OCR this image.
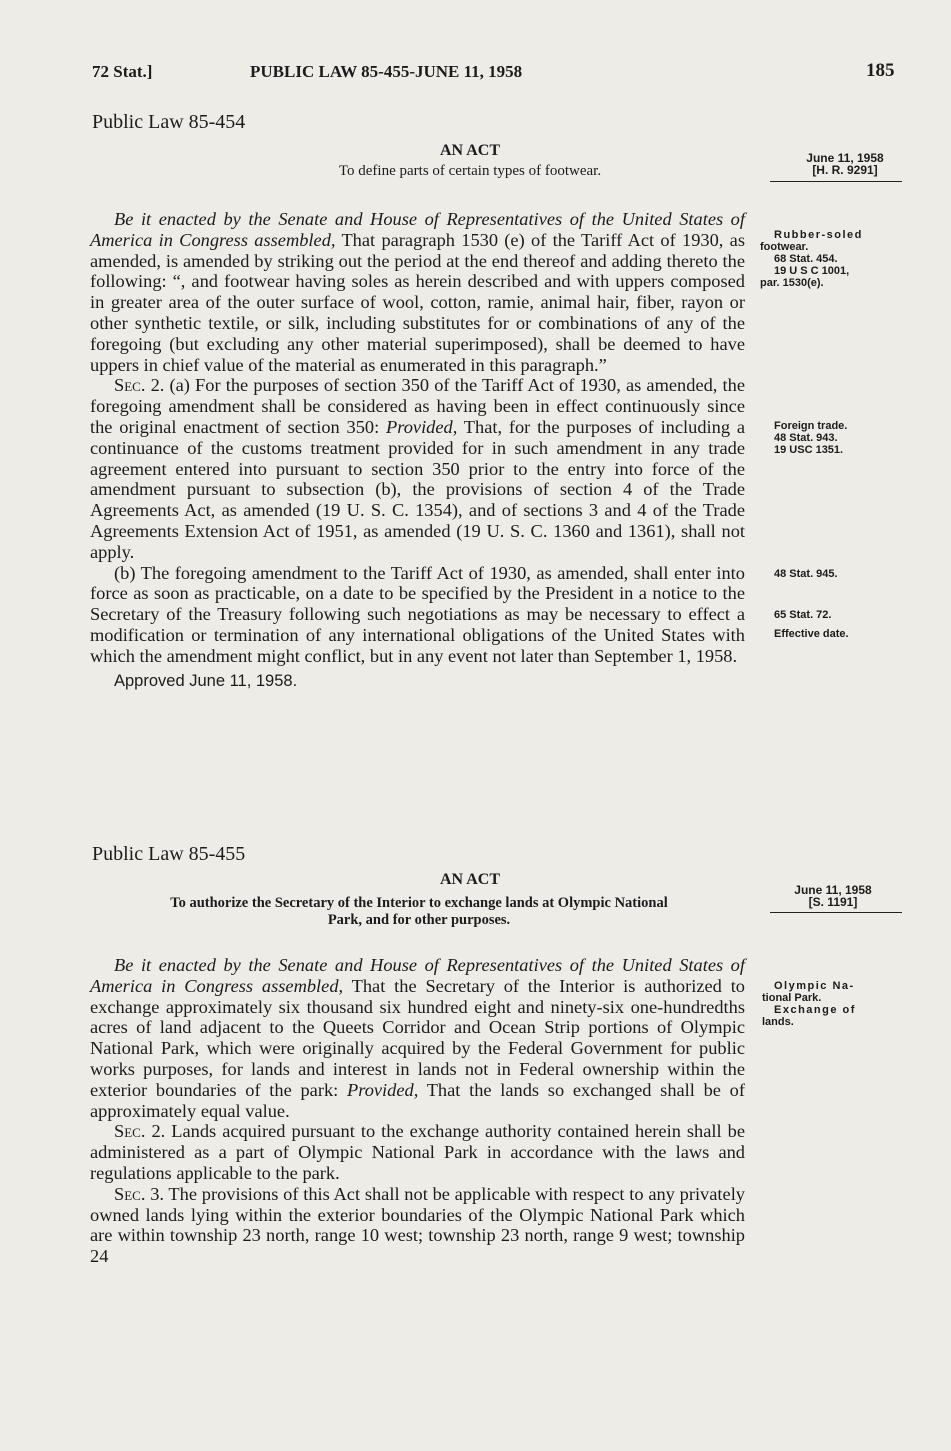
72 Stat.]	PUBLIC LAW 85-455-JUNE 11, 1958	185
Public Law 85-454
AN ACT
To define parts of certain types of footwear.
June 11, 1958
[H. R. 9291]

Be it enacted by the Senate and House of Representatives of the United States of America in Congress assembled, That paragraph 1530 (e) of the Tariff Act of 1930, as amended, is amended by striking out the period at the end thereof and adding thereto the following: “, and footwear having soles as herein described and with uppers composed in greater area of the outer surface of wool, cotton, ramie, animal hair, fiber, rayon or other synthetic textile, or silk, including substitutes for or combinations of any of the foregoing (but excluding any other material superimposed), shall be deemed to have uppers in chief value of the material as enumerated in this paragraph.”

Sec. 2. (a) For the purposes of section 350 of the Tariff Act of 1930, as amended, the foregoing amendment shall be considered as having been in effect continuously since the original enactment of section 350: Provided, That, for the purposes of including a continuance of the customs treatment provided for in such amendment in any trade agreement entered into pursuant to section 350 prior to the entry into force of the amendment pursuant to subsection (b), the provisions of section 4 of the Trade Agreements Act, as amended (19 U. S. C. 1354), and of sections 3 and 4 of the Trade Agreements Extension Act of 1951, as amended (19 U. S. C. 1360 and 1361), shall not apply.

(b) The foregoing amendment to the Tariff Act of 1930, as amended, shall enter into force as soon as practicable, on a date to be specified by the President in a notice to the Secretary of the Treasury following such negotiations as may be necessary to effect a modification or termination of any international obligations of the United States with which the amendment might conflict, but in any event not later than September 1, 1958.

Approved June 11, 1958.

Rubber-soled
footwear.
68 Stat. 454.
19 U S C 1001,
par. 1530(e).
Foreign trade.
48 Stat. 943.
19 USC 1351.
48 Stat. 945.
65 Stat. 72.
Effective date.
Public Law 85-455
AN ACT
To authorize the Secretary of the Interior to exchange lands at Olympic National
Park, and for other purposes.
June 11, 1958
[S. 1191]

Be it enacted by the Senate and House of Representatives of the United States of America in Congress assembled, That the Secretary of the Interior is authorized to exchange approximately six thousand six hundred eight and ninety-six one-hundredths acres of land adjacent to the Queets Corridor and Ocean Strip portions of Olympic National Park, which were originally acquired by the Federal Government for public works purposes, for lands and interest in lands not in Federal ownership within the exterior boundaries of the park: Provided, That the lands so exchanged shall be of approximately equal value.

Sec. 2. Lands acquired pursuant to the exchange authority contained herein shall be administered as a part of Olympic National Park in accordance with the laws and regulations applicable to the park.

Sec. 3. The provisions of this Act shall not be applicable with respect to any privately owned lands lying within the exterior boundaries of the Olympic National Park which are within township 23 north, range 10 west; township 23 north, range 9 west; township 24

Olympic Na-
tional Park.
Exchange of
lands.
